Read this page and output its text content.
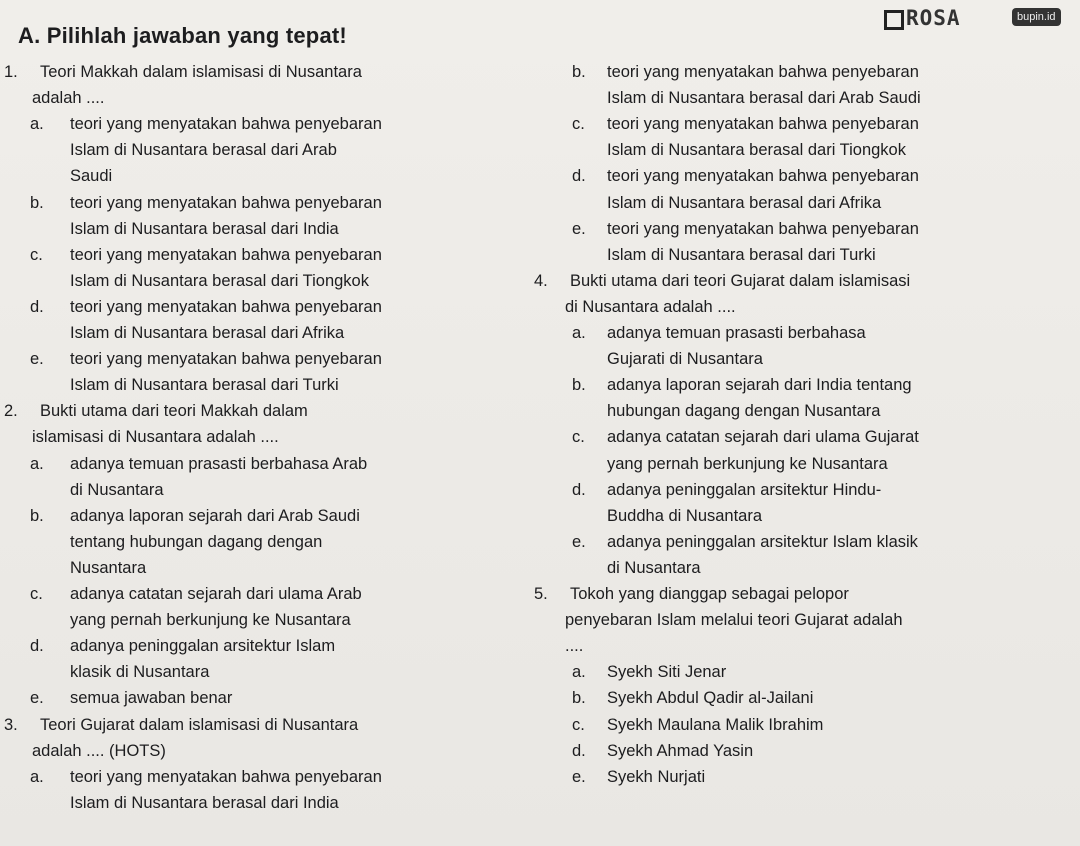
A. Pilihlah jawaban yang tepat!
ROSA	bupin.id
1. Teori Makkah dalam islamisasi di Nusantara
adalah ....
a. teori yang menyatakan bahwa penyebaran
Islam di Nusantara berasal dari Arab
Saudi
b. teori yang menyatakan bahwa penyebaran
Islam di Nusantara berasal dari India
c. teori yang menyatakan bahwa penyebaran
Islam di Nusantara berasal dari Tiongkok
d. teori yang menyatakan bahwa penyebaran
Islam di Nusantara berasal dari Afrika
e. teori yang menyatakan bahwa penyebaran
Islam di Nusantara berasal dari Turki
2. Bukti utama dari teori Makkah dalam
islamisasi di Nusantara adalah ....
a. adanya temuan prasasti berbahasa Arab
di Nusantara
b. adanya laporan sejarah dari Arab Saudi
tentang hubungan dagang dengan
Nusantara
c. adanya catatan sejarah dari ulama Arab
yang pernah berkunjung ke Nusantara
d. adanya peninggalan arsitektur Islam
klasik di Nusantara
e. semua jawaban benar
3. Teori Gujarat dalam islamisasi di Nusantara
adalah .... (HOTS)
a. teori yang menyatakan bahwa penyebaran
Islam di Nusantara berasal dari India
b. teori yang menyatakan bahwa penyebaran
Islam di Nusantara berasal dari Arab Saudi
c. teori yang menyatakan bahwa penyebaran
Islam di Nusantara berasal dari Tiongkok
d. teori yang menyatakan bahwa penyebaran
Islam di Nusantara berasal dari Afrika
e. teori yang menyatakan bahwa penyebaran
Islam di Nusantara berasal dari Turki
4. Bukti utama dari teori Gujarat dalam islamisasi
di Nusantara adalah ....
a. adanya temuan prasasti berbahasa
Gujarati di Nusantara
b. adanya laporan sejarah dari India tentang
hubungan dagang dengan Nusantara
c. adanya catatan sejarah dari ulama Gujarat
yang pernah berkunjung ke Nusantara
d. adanya peninggalan arsitektur Hindu-
Buddha di Nusantara
e. adanya peninggalan arsitektur Islam klasik
di Nusantara
5. Tokoh yang dianggap sebagai pelopor
penyebaran Islam melalui teori Gujarat adalah
....
a. Syekh Siti Jenar
b. Syekh Abdul Qadir al-Jailani
c. Syekh Maulana Malik Ibrahim
d. Syekh Ahmad Yasin
e. Syekh Nurjati
